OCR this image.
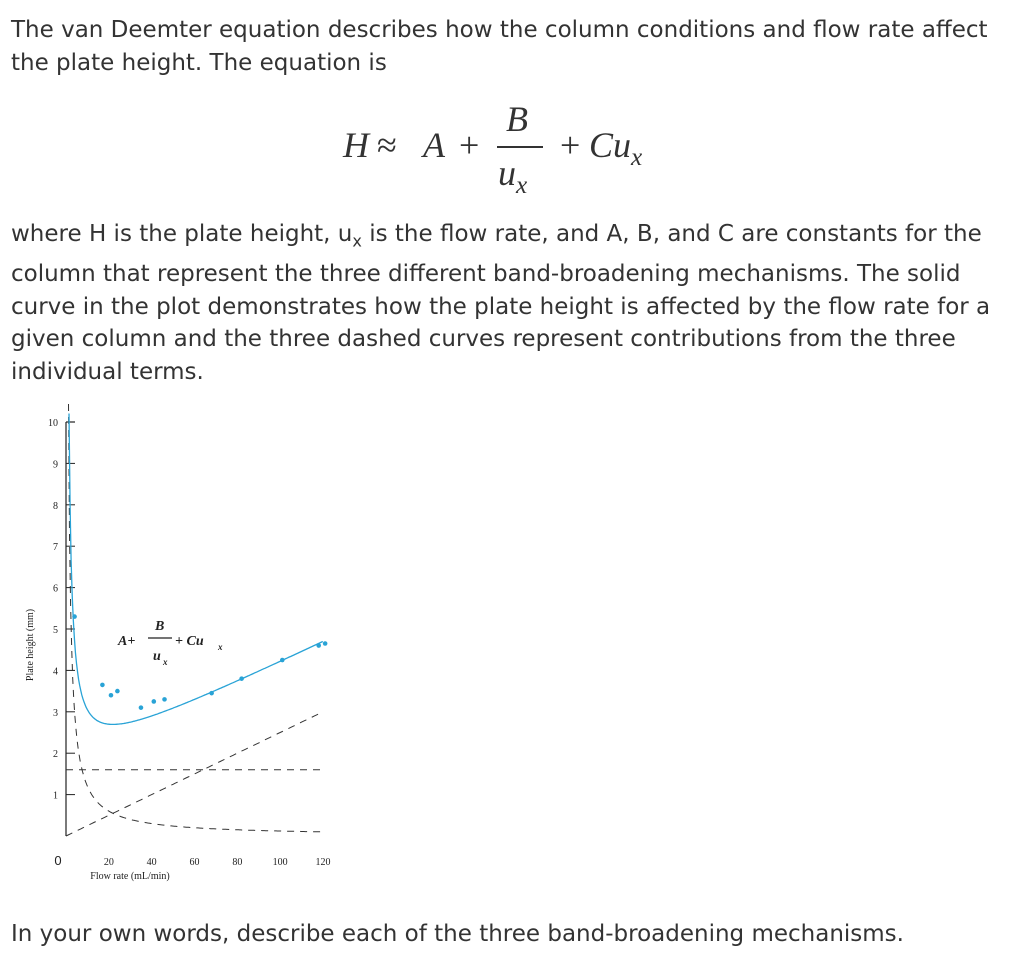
The van Deemter equation describes how the column conditions and flow rate affect the plate height. The equation is

H ≈ A +
B
$u_x$
+ $Cu_x$

where H is the plate height, $u_x$ is the flow rate, and A, B, and C are constants for the column that represent the three different band-broadening mechanisms. The solid curve in the plot demonstrates how the plate height is affected by the flow rate for a given column and the three dashed curves represent contributions from the three individual terms.

1
2
3
4
5
6
7
8
9
10
0	20	40	60	80	100	120
A+
B
u x
+ Cu x
Flow rate (mL/min)
Plate height (mm)

In your own words, describe each of the three band-broadening mechanisms.
